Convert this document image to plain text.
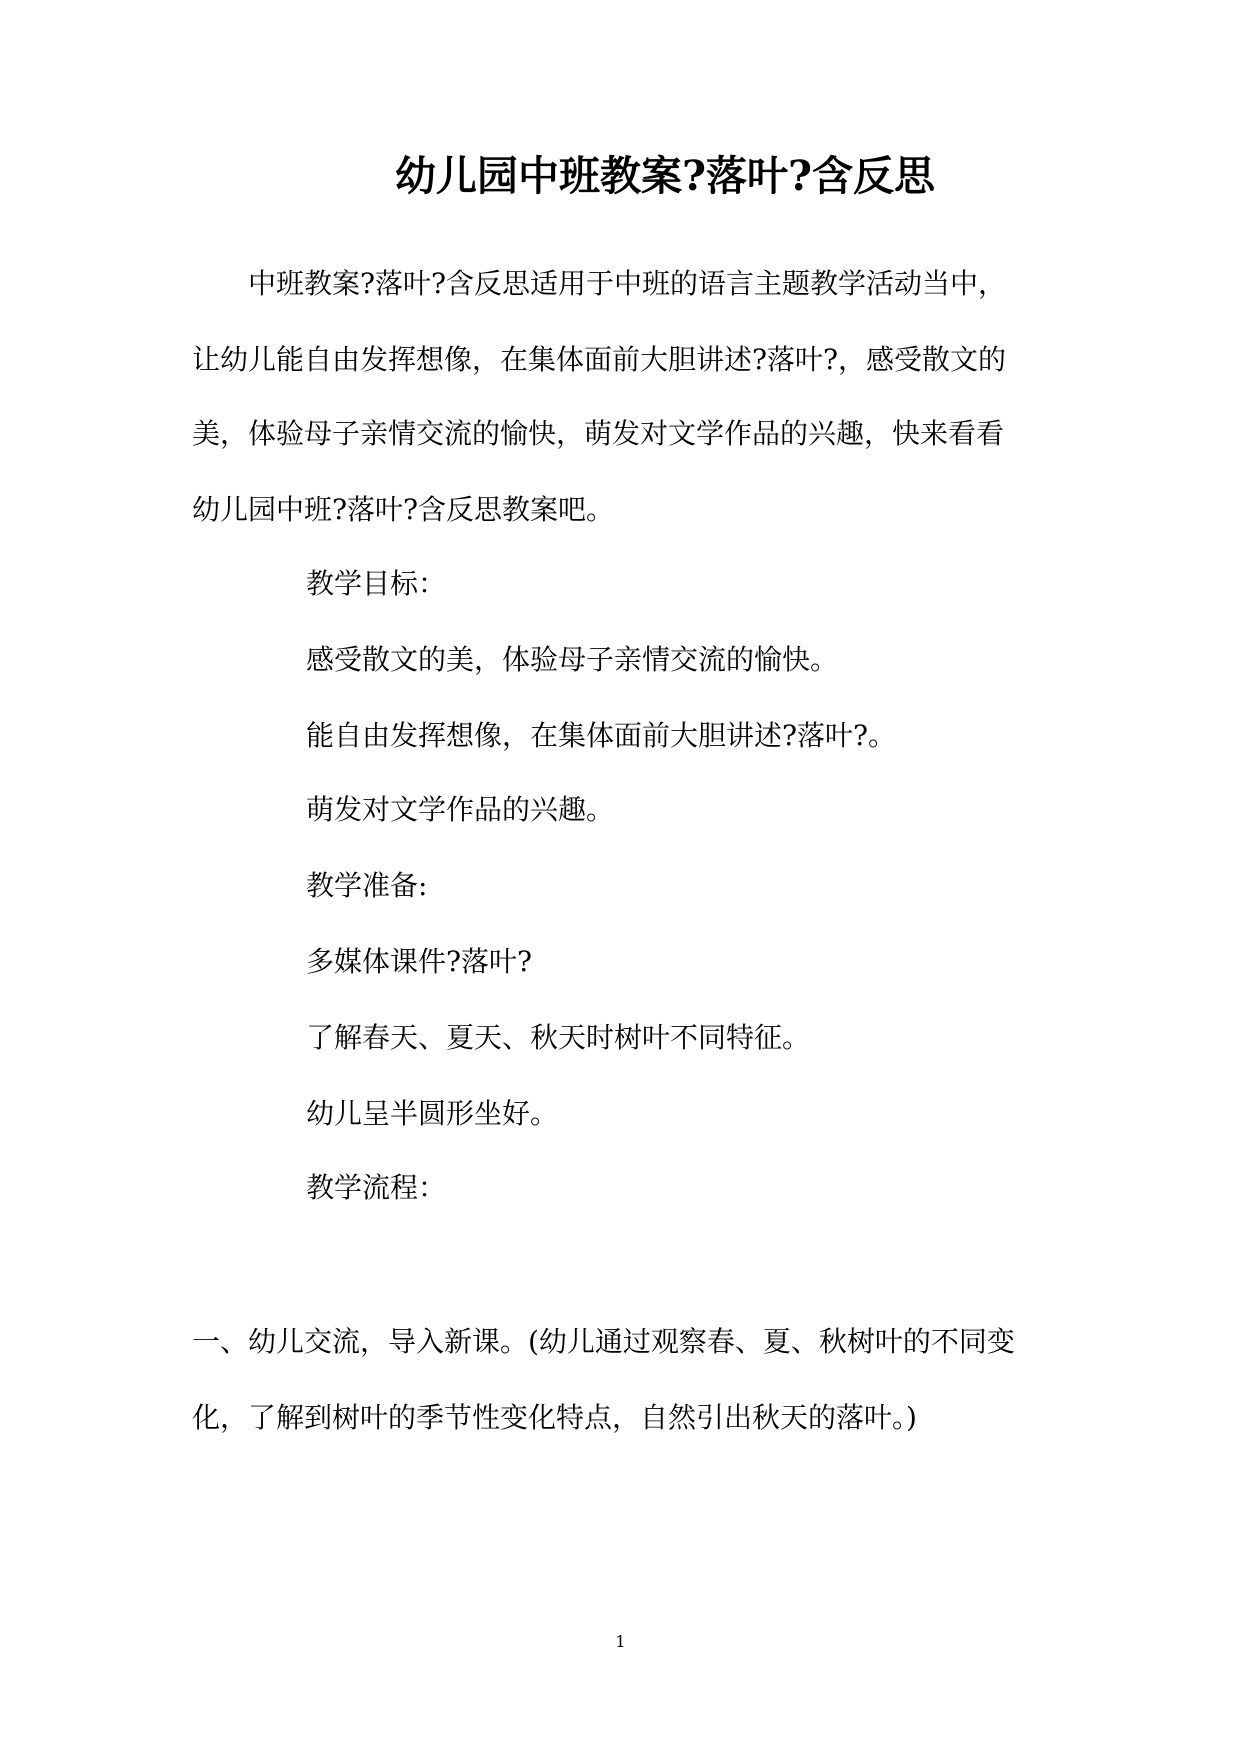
幼儿园中班教案?落叶?含反思
中班教案?落叶?含反思适用于中班的语言主题教学活动当中，
让幼儿能自由发挥想像，在集体面前大胆讲述?落叶?，感受散文的
美，体验母子亲情交流的愉快，萌发对文学作品的兴趣，快来看看
幼儿园中班?落叶?含反思教案吧。
教学目标：
感受散文的美，体验母子亲情交流的愉快。
能自由发挥想像，在集体面前大胆讲述?落叶?。
萌发对文学作品的兴趣。
教学准备:
多媒体课件?落叶?
了解春天、夏天、秋天时树叶不同特征。
幼儿呈半圆形坐好。
教学流程：
一、幼儿交流，导入新课。(幼儿通过观察春、夏、秋树叶的不同变
化，了解到树叶的季节性变化特点，自然引出秋天的落叶。)
1
